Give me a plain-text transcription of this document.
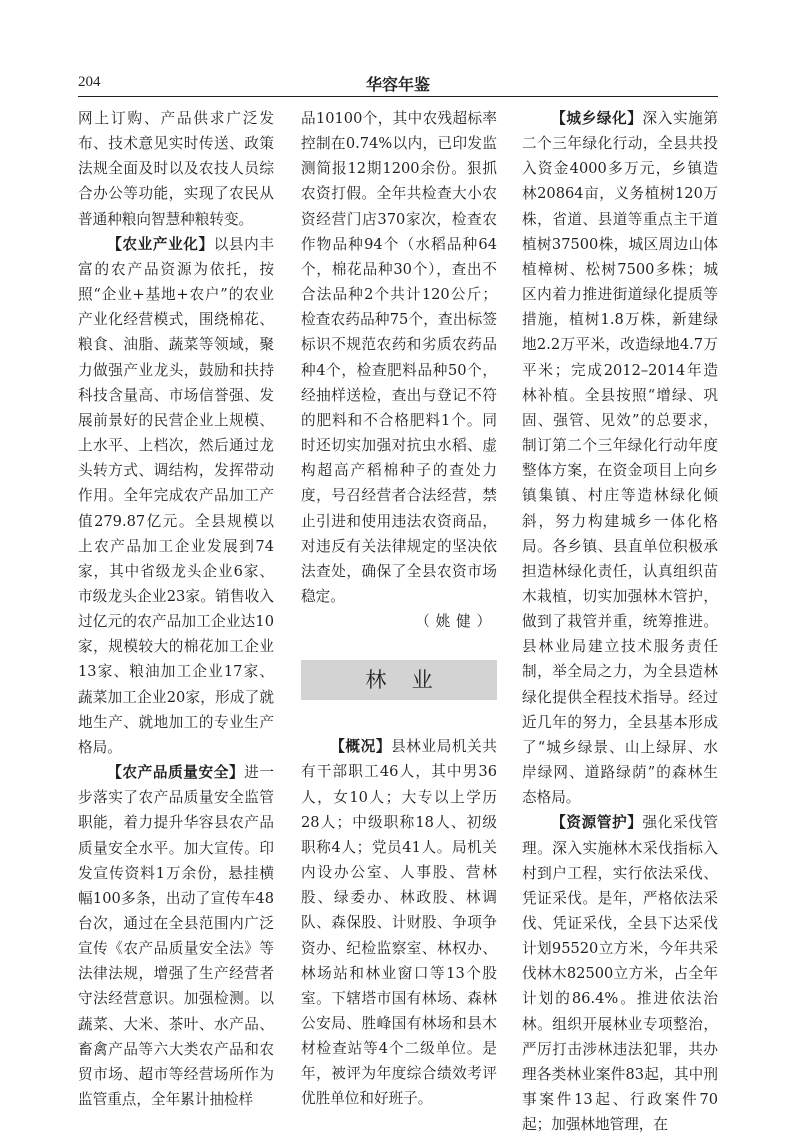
204	华容年鉴

网上订购、产品供求广泛发布、技术意见实时传送、政策法规全面及时以及农技人员综合办公等功能，实现了农民从普通种粮向智慧种粮转变。

【农业产业化】以县内丰富的农产品资源为依托，按照“企业+基地+农户”的农业产业化经营模式，围绕棉花、粮食、油脂、蔬菜等领域，聚力做强产业龙头，鼓励和扶持科技含量高、市场信誉强、发展前景好的民营企业上规模、上水平、上档次，然后通过龙头转方式、调结构，发挥带动作用。全年完成农产品加工产值279.87亿元。全县规模以上农产品加工企业发展到74家，其中省级龙头企业6家、市级龙头企业23家。销售收入过亿元的农产品加工企业达10家，规模较大的棉花加工企业13家、粮油加工企业17家、蔬菜加工企业20家，形成了就地生产、就地加工的专业生产格局。

【农产品质量安全】进一步落实了农产品质量安全监管职能，着力提升华容县农产品质量安全水平。加大宣传。印发宣传资料1万余份，悬挂横幅100多条，出动了宣传车48台次，通过在全县范围内广泛宣传《农产品质量安全法》等法律法规，增强了生产经营者守法经营意识。加强检测。以蔬菜、大米、茶叶、水产品、畜禽产品等六大类农产品和农贸市场、超市等经营场所作为监管重点，全年累计抽检样

品10100个，其中农残超标率控制在0.74%以内，已印发监测简报12期1200余份。狠抓农资打假。全年共检查大小农资经营门店370家次，检查农作物品种94个（水稻品种64个，棉花品种30个），查出不合法品种2个共计120公斤；检查农药品种75个，查出标签标识不规范农药和劣质农药品种4个，检查肥料品种50个，经抽样送检，查出与登记不符的肥料和不合格肥料1个。同时还切实加强对抗虫水稻、虚构超高产稻棉种子的查处力度，号召经营者合法经营，禁止引进和使用违法农资商品，对违反有关法律规定的坚决依法查处，确保了全县农资市场稳定。

（姚健）

林业

【概况】县林业局机关共有干部职工46人，其中男36人，女10人；大专以上学历28人；中级职称18人、初级职称4人；党员41人。局机关内设办公室、人事股、营林股、绿委办、林政股、林调队、森保股、计财股、争项争资办、纪检监察室、林权办、林场站和林业窗口等13个股室。下辖塔市国有林场、森林公安局、胜峰国有林场和县木材检查站等4个二级单位。是年，被评为年度综合绩效考评优胜单位和好班子。

【城乡绿化】深入实施第二个三年绿化行动，全县共投入资金4000多万元，乡镇造林20864亩，义务植树120万株，省道、县道等重点主干道植树37500株，城区周边山体植樟树、松树7500多株；城区内着力推进街道绿化提质等措施，植树1.8万株，新建绿地2.2万平米，改造绿地4.7万平米；完成2012–2014年造林补植。全县按照“增绿、巩固、强管、见效”的总要求，制订第二个三年绿化行动年度整体方案，在资金项目上向乡镇集镇、村庄等造林绿化倾斜，努力构建城乡一体化格局。各乡镇、县直单位积极承担造林绿化责任，认真组织苗木栽植，切实加强林木管护，做到了栽管并重，统筹推进。县林业局建立技术服务责任制，举全局之力，为全县造林绿化提供全程技术指导。经过近几年的努力，全县基本形成了“城乡绿景、山上绿屏、水岸绿网、道路绿荫”的森林生态格局。

【资源管护】强化采伐管理。深入实施林木采伐指标入村到户工程，实行依法采伐、凭证采伐。是年，严格依法采伐、凭证采伐，全县下达采伐计划95520立方米，今年共采伐林木82500立方米，占全年计划的86.4%。推进依法治林。组织开展林业专项整治，严厉打击涉林违法犯罪，共办理各类林业案件83起，其中刑事案件13起、行政案件70起；加强林地管理，在
